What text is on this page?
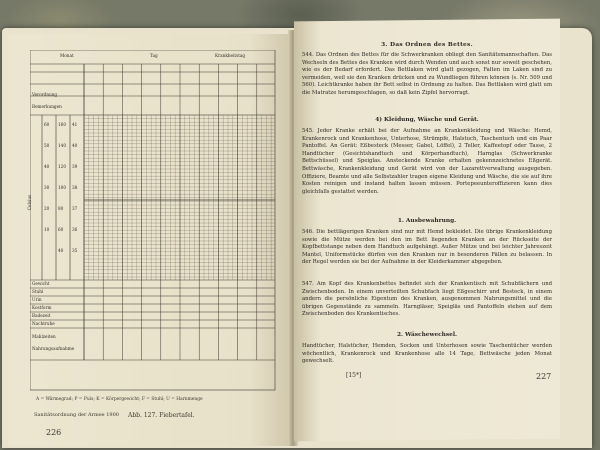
Monat	Tag	Krankheitstag
Verordnung
Bemerkungen
Gewicht
Stuhl
Urin
Kostform
Badezeit
Nachtruhe
Mahlzeiten
Nahrungsaufnahme
Celsius
41
40
39
38
37
36
35
160
140
120
100
80
60
40
60
50
40
30
20
10
A = Wärmegrad; P = Puls; K = Körpergewicht; F = Stuhl; U = Harnmenge
Sanitätsordnung der Armee 1900 Abb. 127. Fiebertafel.
226
3. Das Ordnen des Bettes.
544. Das Ordnen des Bettes für die Schwerkranken obliegt den Sanitätsmannschaften. Das Wechseln des Bettes des Kranken wird durch Wenden und auch sonst nur soweit geschehen, wie es der Bedarf erfordert. Das Bettlaken wird glatt gezogen, Falten im Laken sind zu vermeiden, weil sie den Kranken drücken und zu Wundliegen führen können (s. Nr. 509 und 560). Leichtkranke haben ihr Bett selbst in Ordnung zu halten. Das Bettlaken wird glatt um die Matratze herumgeschlagen, so daß kein Zipfel hervorragt.
4) Kleidung, Wäsche und Gerät.
545. Jeder Kranke erhält bei der Aufnahme an Krankenkleidung und Wäsche: Hemd, Krankenrock und Krankenhose, Unterhose, Strümpfe, Halstuch, Taschentuch und ein Paar Pantoffel. An Gerät: Eßbesteck (Messer, Gabel, Löffel), 2 Teller, Kaffeetopf oder Tasse, 2 Handtücher (Gesichtshandtuch und Körperhandtuch), Harnglas (Schwerkranke Bettschüssel) und Speiglas. Ansteckende Kranke erhalten gekennzeichnetes Eßgerät. Bettwäsche, Krankenkleidung und Gerät wird von der Lazarettverwaltung ausgegeben. Offiziere, Beamte und alle Selbstzahler tragen eigene Kleidung und Wäsche, die sie auf ihre Kosten reinigen und instand halten lassen müssen. Portepeeunteroffizieren kann dies gleichfalls gestattet werden.
1. Ausbewahrung.
546. Die bettlägerigen Kranken sind nur mit Hemd bekleidet. Die übrige Krankenkleidung sowie die Mütze werden bei den im Bett liegenden Kranken an der Rückseite der Kopfbettstange neben dem Handtuch aufgehängt. Außer Mütze und bei leichter Jahreszeit Mantel, Uniformstücke dürfen von den Kranken nur in besonderen Fällen zu belassen. In der Regel werden sie bei der Aufnahme in der Kleiderkammer abgegeben.
547. Am Kopf des Krankenbettes befindet sich der Krankentisch mit Schubfächern und Zwischenboden. In einem unverteilten Schubfach liegt Eßgeschirr und Besteck, in einem andern die persönliche Eigentum des Kranken, ausgenommen Nahrungsmittel und die übrigen Gegenstände zu sammeln. Harngläser, Speigläs und Pantoffeln stehen auf dem Zwischenboden des Krankentisches.
2. Wäschewechsel.
Handtücher, Halstücher, Hemden, Socken und Unterhosen sowie Taschentücher werden wöchentlich, Krankenrock und Krankenhose alle 14 Tage, Bettwäsche jeden Monat gewechselt.
[15*]	227
